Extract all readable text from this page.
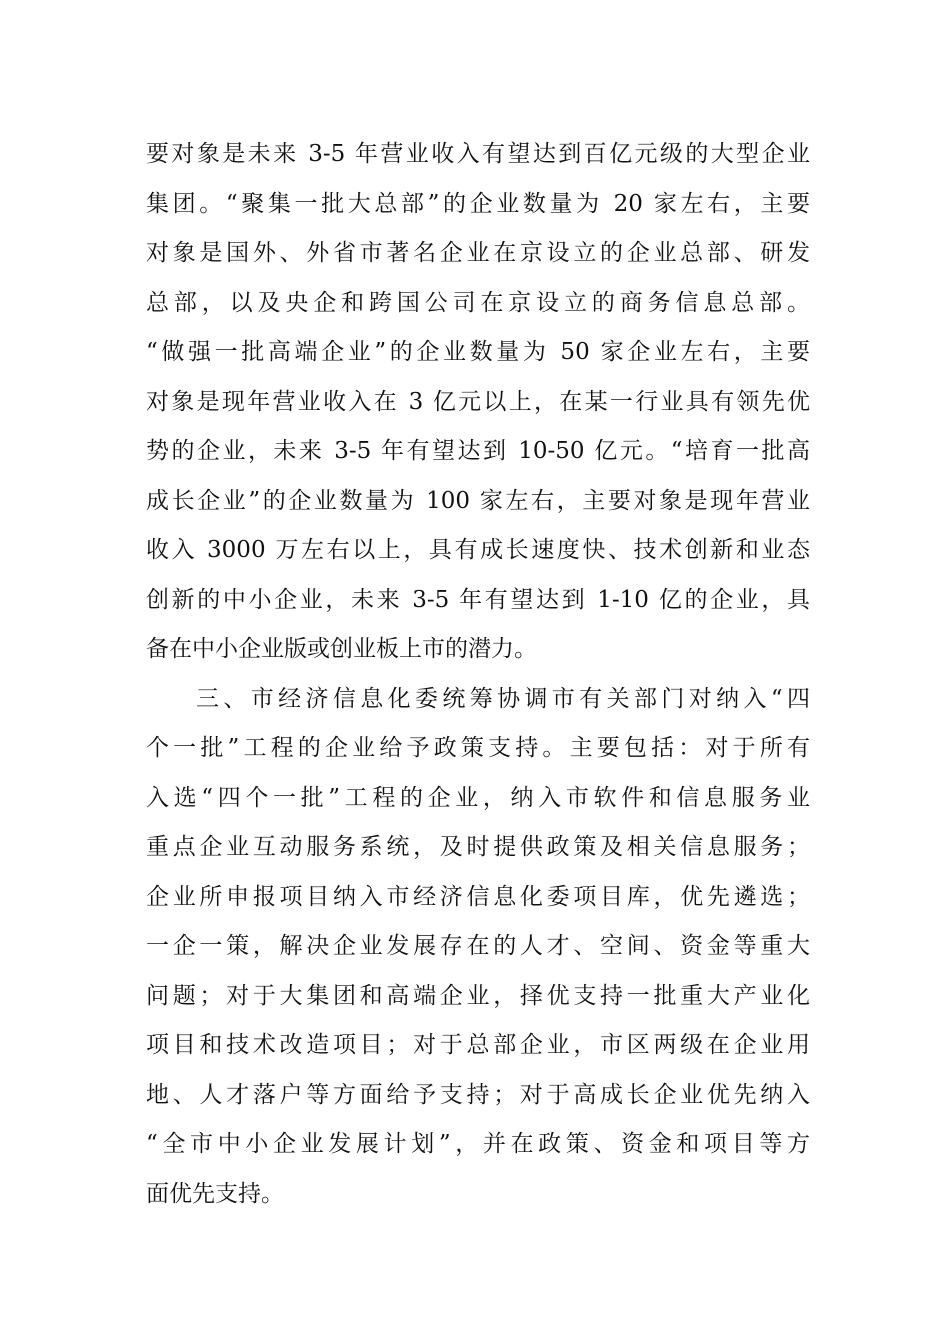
要对象是未来 3-5 年营业收入有望达到百亿元级的大型企业
集团。“聚集一批大总部”的企业数量为 20 家左右，主要
对象是国外、外省市著名企业在京设立的企业总部、研发
总部，以及央企和跨国公司在京设立的商务信息总部。
“做强一批高端企业”的企业数量为 50 家企业左右，主要
对象是现年营业收入在 3 亿元以上，在某一行业具有领先优
势的企业，未来 3-5 年有望达到 10-50 亿元。“培育一批高
成长企业”的企业数量为 100 家左右，主要对象是现年营业
收入 3000 万左右以上，具有成长速度快、技术创新和业态
创新的中小企业，未来 3-5 年有望达到 1-10 亿的企业，具
备在中小企业版或创业板上市的潜力。
三、市经济信息化委统筹协调市有关部门对纳入“四
个一批”工程的企业给予政策支持。主要包括：对于所有
入选“四个一批”工程的企业，纳入市软件和信息服务业
重点企业互动服务系统，及时提供政策及相关信息服务；
企业所申报项目纳入市经济信息化委项目库，优先遴选；
一企一策，解决企业发展存在的人才、空间、资金等重大
问题；对于大集团和高端企业，择优支持一批重大产业化
项目和技术改造项目；对于总部企业，市区两级在企业用
地、人才落户等方面给予支持；对于高成长企业优先纳入
“全市中小企业发展计划”，并在政策、资金和项目等方
面优先支持。
